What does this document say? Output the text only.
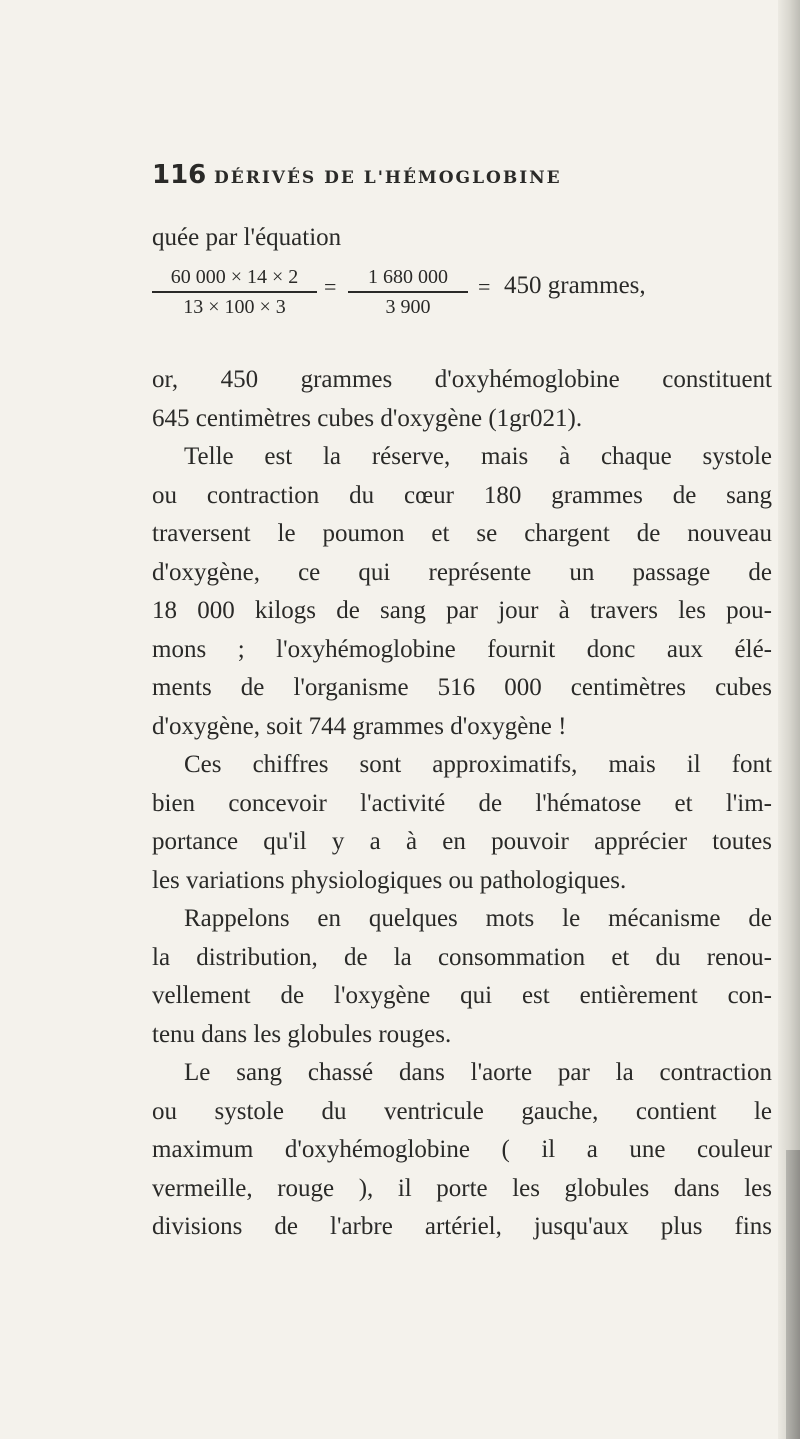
116 DÉRIVÉS DE L'HÉMOGLOBINE
quée par l'équation
60 000 × 14 × 2
13 × 100 × 3
=	1 680 000
3 900
= 450 grammes,
or, 450 grammes d'oxyhémoglobine constituent
645 centimètres cubes d'oxygène (1gr021).
Telle est la réserve, mais à chaque systole
ou contraction du cœur 180 grammes de sang
traversent le poumon et se chargent de nouveau
d'oxygène, ce qui représente un passage de
18 000 kilogs de sang par jour à travers les pou-
mons ; l'oxyhémoglobine fournit donc aux élé-
ments de l'organisme 516 000 centimètres cubes
d'oxygène, soit 744 grammes d'oxygène !
Ces chiffres sont approximatifs, mais il font
bien concevoir l'activité de l'hématose et l'im-
portance qu'il y a à en pouvoir apprécier toutes
les variations physiologiques ou pathologiques.
Rappelons en quelques mots le mécanisme de
la distribution, de la consommation et du renou-
vellement de l'oxygène qui est entièrement con-
tenu dans les globules rouges.
Le sang chassé dans l'aorte par la contraction
ou systole du ventricule gauche, contient le
maximum d'oxyhémoglobine ( il a une couleur
vermeille, rouge ), il porte les globules dans les
divisions de l'arbre artériel, jusqu'aux plus fins
